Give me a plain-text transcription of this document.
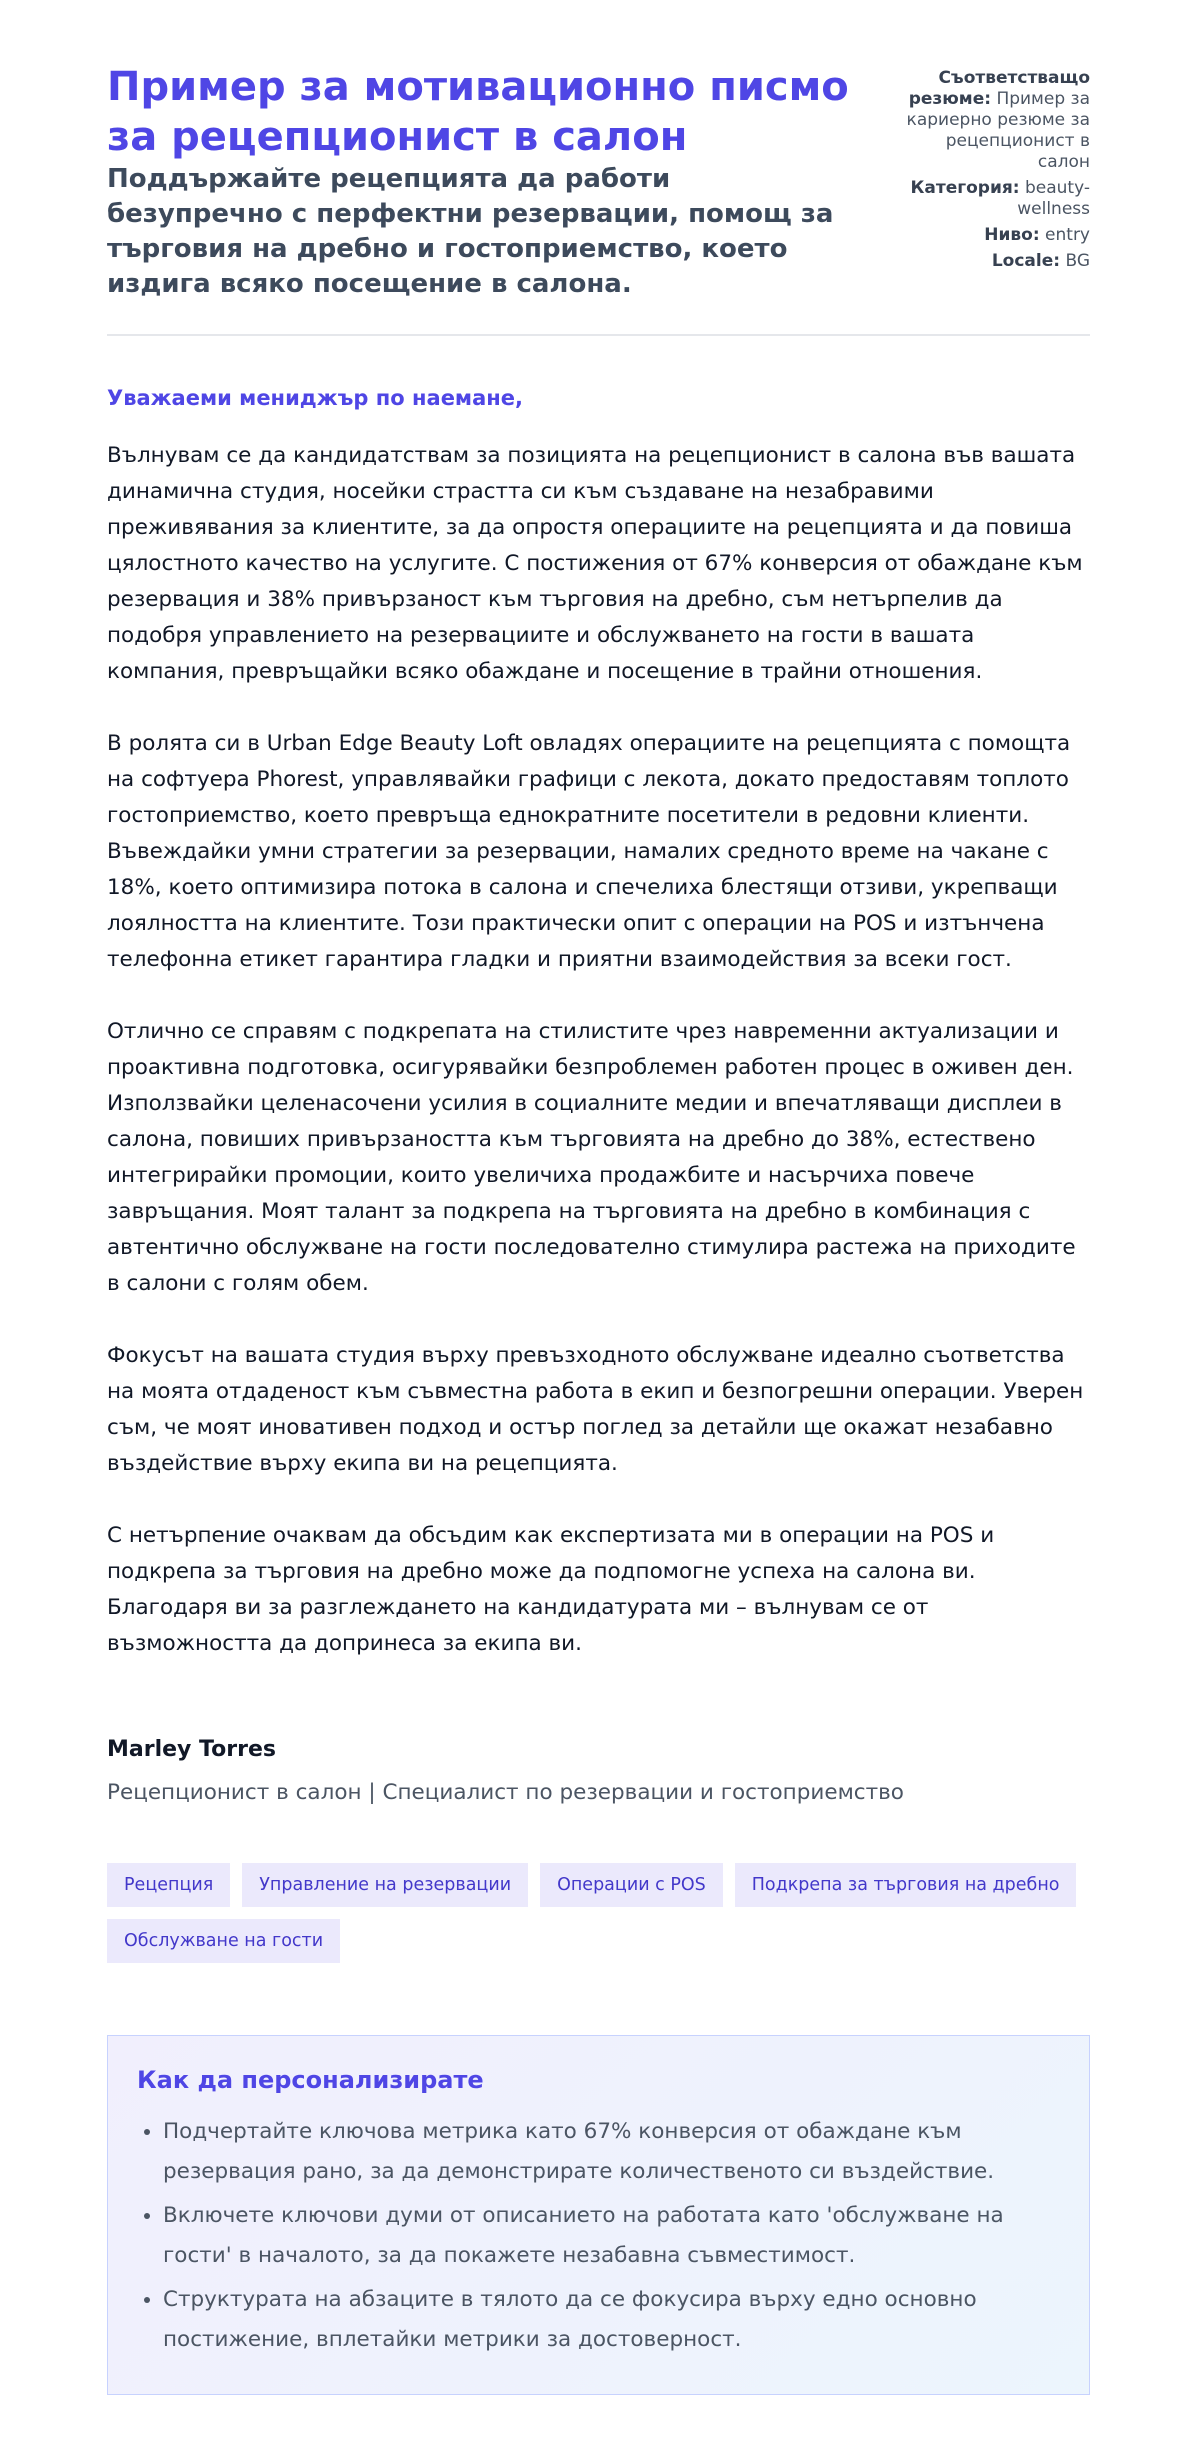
Пример за мотивационно писмо за рецепционист в салон

Поддържайте рецепцията да работи безупречно с перфектни резервации, помощ за търговия на дребно и гостоприемство, което издига всяко посещение в салона.

Съответстващо резюме: Пример за кариерно резюме за рецепционист в салон
Категория: beauty-wellness
Ниво: entry
Locale: BG
Уважаеми мениджър по наемане,

Вълнувам се да кандидатствам за позицията на рецепционист в салона във вашата динамична студия, носейки страстта си към създаване на незабравими преживявания за клиентите, за да опростя операциите на рецепцията и да повиша цялостното качество на услугите. С постижения от 67% конверсия от обаждане към резервация и 38% привързаност към търговия на дребно, съм нетърпелив да подобря управлението на резервациите и обслужването на гости в вашата компания, превръщайки всяко обаждане и посещение в трайни отношения.

В ролята си в Urban Edge Beauty Loft овладях операциите на рецепцията с помощта на софтуера Phorest, управлявайки графици с лекота, докато предоставям топлото гостоприемство, което превръща еднократните посетители в редовни клиенти. Въвеждайки умни стратегии за резервации, намалих средното време на чакане с 18%, което оптимизира потока в салона и спечелиха блестящи отзиви, укрепващи лоялността на клиентите. Този практически опит с операции на POS и изтънчена телефонна етикет гарантира гладки и приятни взаимодействия за всеки гост.

Отлично се справям с подкрепата на стилистите чрез навременни актуализации и проактивна подготовка, осигурявайки безпроблемен работен процес в оживен ден. Използвайки целенасочени усилия в социалните медии и впечатляващи дисплеи в салона, повиших привързаността към търговията на дребно до 38%, естествено интегрирайки промоции, които увеличиха продажбите и насърчиха повече завръщания. Моят талант за подкрепа на търговията на дребно в комбинация с автентично обслужване на гости последователно стимулира растежа на приходите в салони с голям обем.

Фокусът на вашата студия върху превъзходното обслужване идеално съответства на моята отдаденост към съвместна работа в екип и безпогрешни операции. Уверен съм, че моят иновативен подход и остър поглед за детайли ще окажат незабавно въздействие върху екипа ви на рецепцията.

С нетърпение очаквам да обсъдим как експертизата ми в операции на POS и подкрепа за търговия на дребно може да подпомогне успеха на салона ви. Благодаря ви за разглеждането на кандидатурата ми – вълнувам се от възможността да допринеса за екипа ви.

Marley Torres
Рецепционист в салон | Специалист по резервации и гостоприемство
Рецепция	Управление на резервации	Операции с POS	Подкрепа за търговия на дребно
Обслужване на гости
Как да персонализирате
• Подчертайте ключова метрика като 67% конверсия от обаждане към резервация рано, за да демонстрирате количественото си въздействие.
• Включете ключови думи от описанието на работата като 'обслужване на гости' в началото, за да покажете незабавна съвместимост.
• Структурата на абзаците в тялото да се фокусира върху едно основно постижение, вплетайки метрики за достоверност.
